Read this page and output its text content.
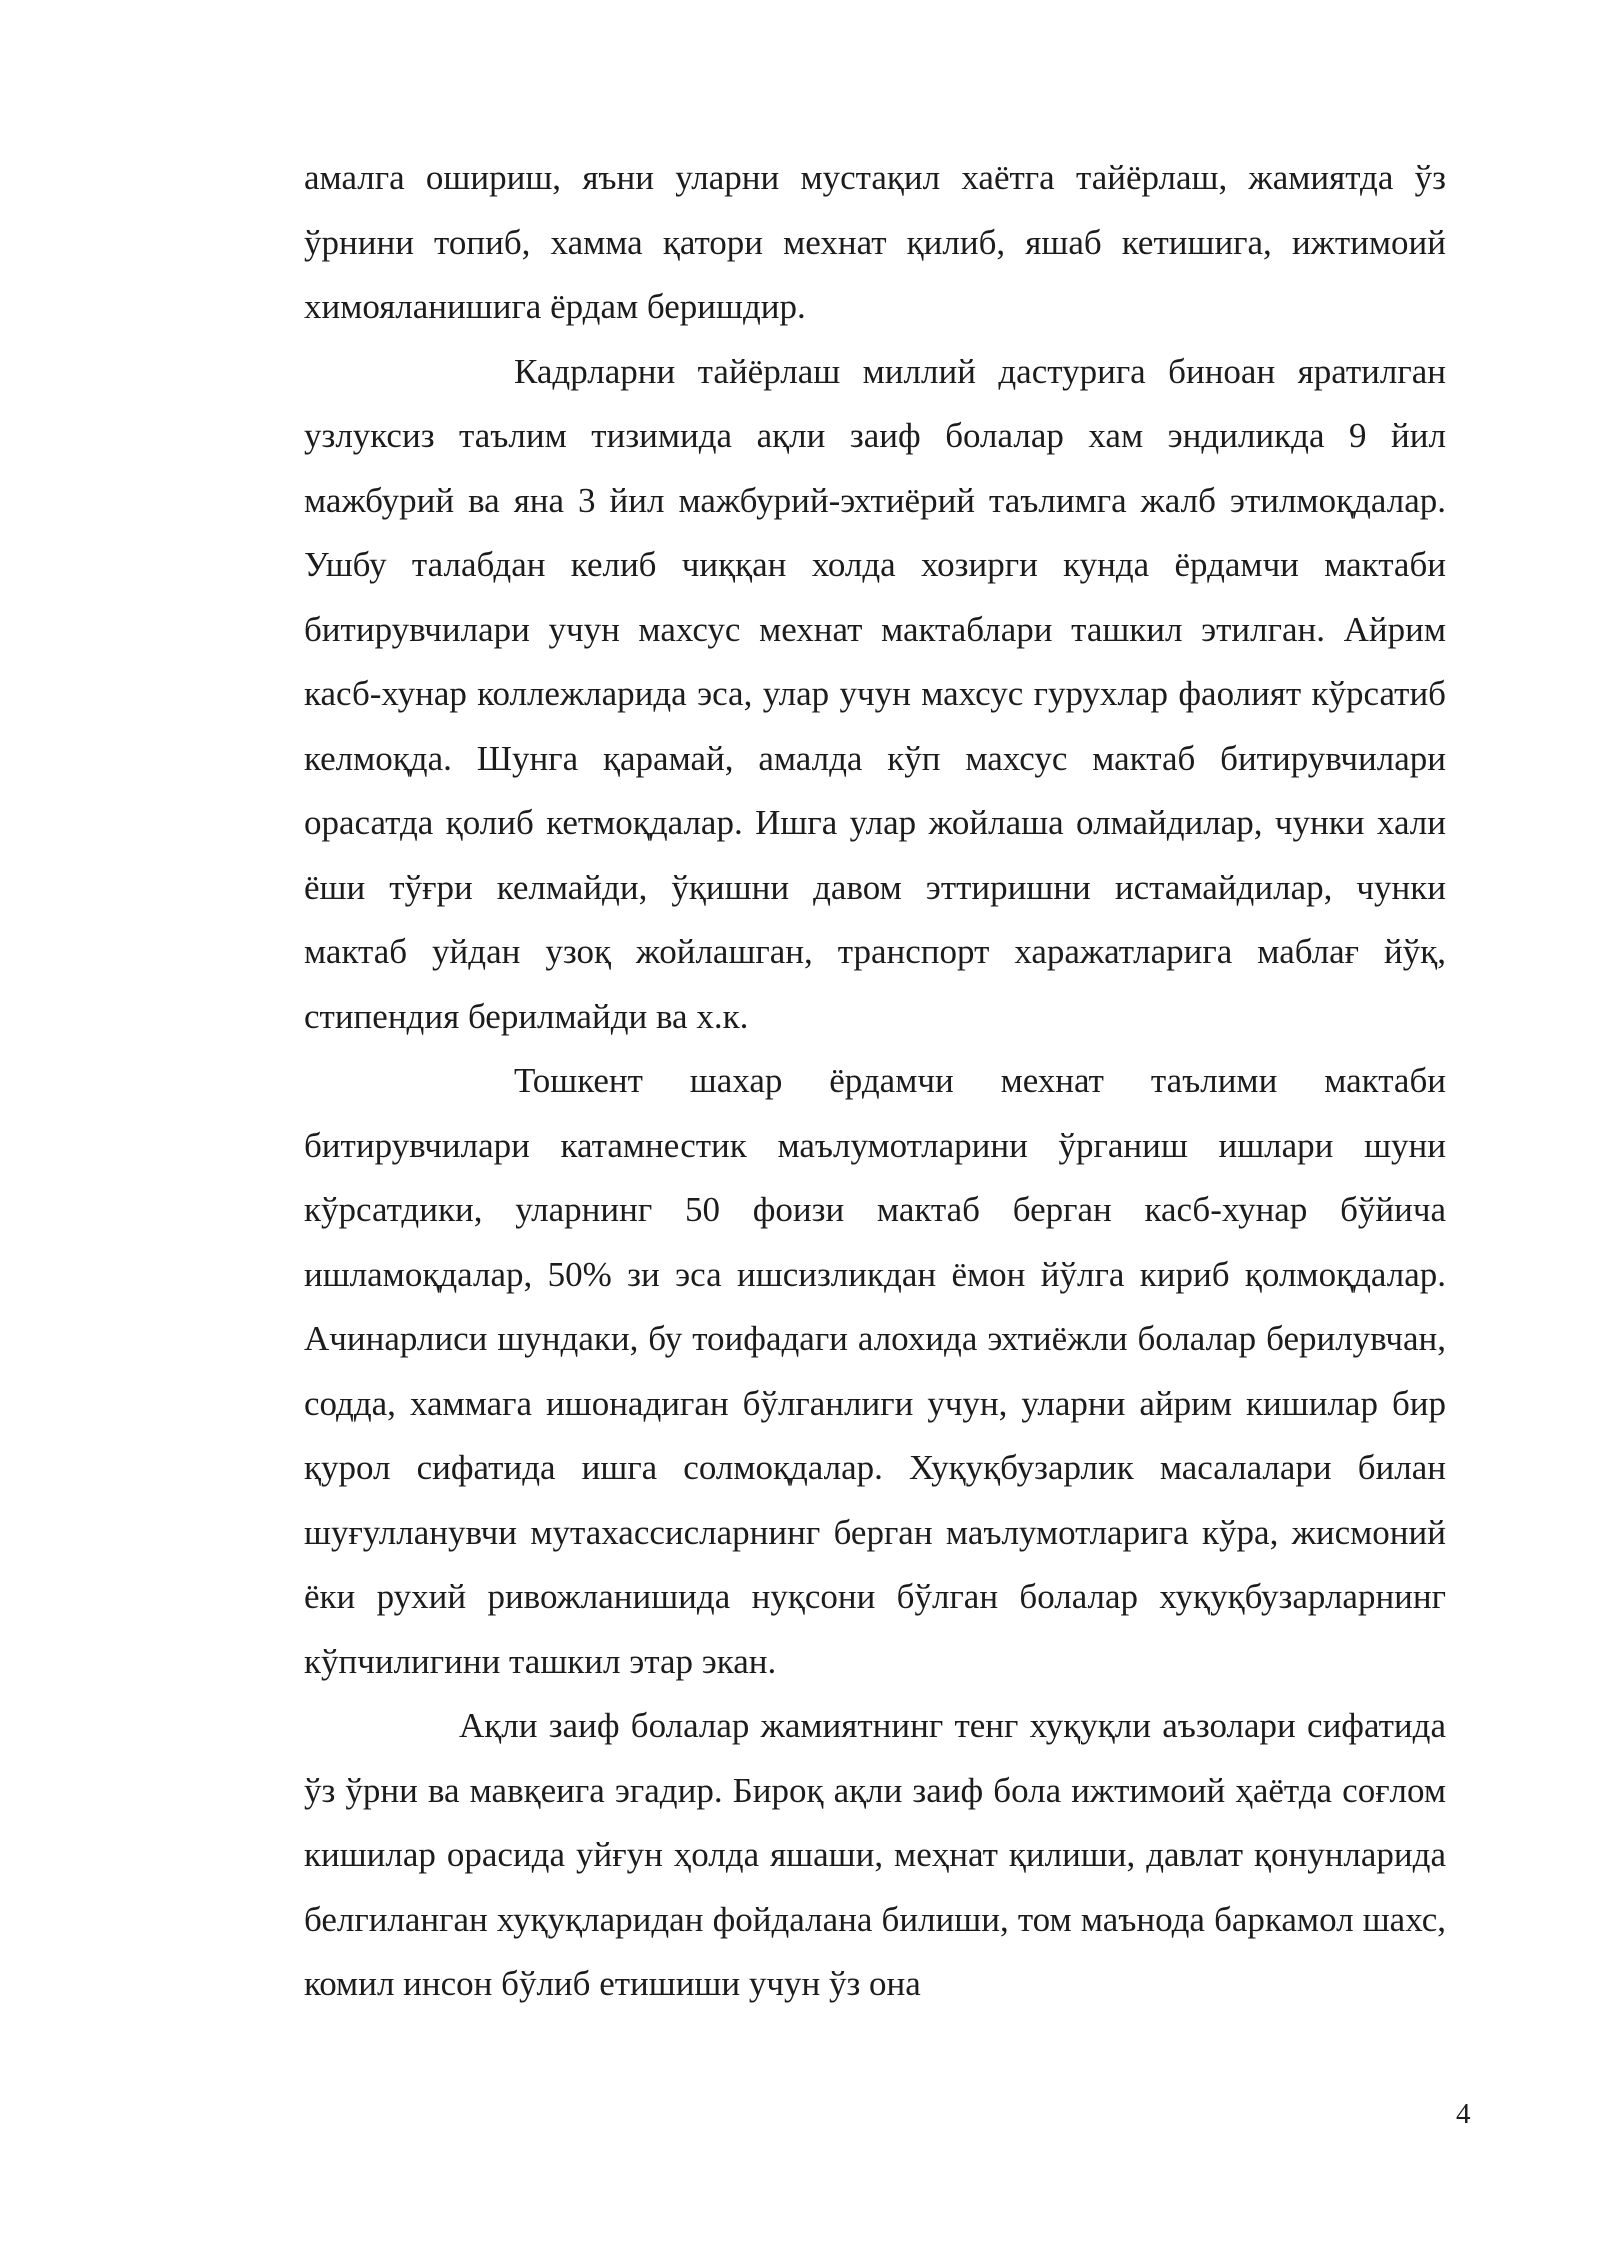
амалга ошириш, яъни уларни мустақил хаётга тайёрлаш, жамиятда ўз ўрнини топиб, хамма қатори мехнат қилиб, яшаб кетишига, ижтимоий химояланишига ёрдам беришдир.

Кадрларни тайёрлаш миллий дастурига биноан яратилган узлуксиз таълим тизимида ақли заиф болалар хам эндиликда 9 йил мажбурий ва яна 3 йил мажбурий-эхтиёрий таълимга жалб этилмоқдалар. Ушбу талабдан келиб чиққан холда хозирги кунда ёрдамчи мактаби битирувчилари учун махсус мехнат мактаблари ташкил этилган. Айрим касб-хунар коллежларида эса, улар учун махсус гурухлар фаолият кўрсатиб келмоқда. Шунга қарамай, амалда кўп махсус мактаб битирувчилари орасатда қолиб кетмоқдалар. Ишга улар жойлаша олмайдилар, чунки хали ёши тўғри келмайди, ўқишни давом эттиришни истамайдилар, чунки мактаб уйдан узоқ жойлашган, транспорт харажатларига маблағ йўқ, стипендия берилмайди ва х.к.

Тошкент шахар ёрдамчи мехнат таълими мактаби битирувчилари катамнестик маълумотларини ўрганиш ишлари шуни кўрсатдики, уларнинг 50 фоизи мактаб берган касб-хунар бўйича ишламоқдалар, 50% зи эса ишсизликдан ёмон йўлга кириб қолмоқдалар. Ачинарлиси шундаки, бу тоифадаги алохида эхтиёжли болалар берилувчан, содда, хаммага ишонадиган бўлганлиги учун, уларни айрим кишилар бир қурол сифатида ишга солмоқдалар. Хуқуқбузарлик масалалари билан шуғулланувчи мутахассисларнинг берган маълумотларига кўра, жисмоний ёки рухий ривожланишида нуқсони бўлган болалар хуқуқбузарларнинг кўпчилигини ташкил этар экан.

Ақли заиф болалар жамиятнинг тенг хуқуқли аъзолари сифатида ўз ўрни ва мавқеига эгадир. Бироқ ақли заиф бола ижтимоий ҳаётда соғлом кишилар орасида уйғун ҳолда яшаши, меҳнат қилиши, давлат қонунларида белгиланган хуқуқларидан фойдалана билиши, том маънода баркамол шахс, комил инсон бўлиб етишиши учун ўз она

4
